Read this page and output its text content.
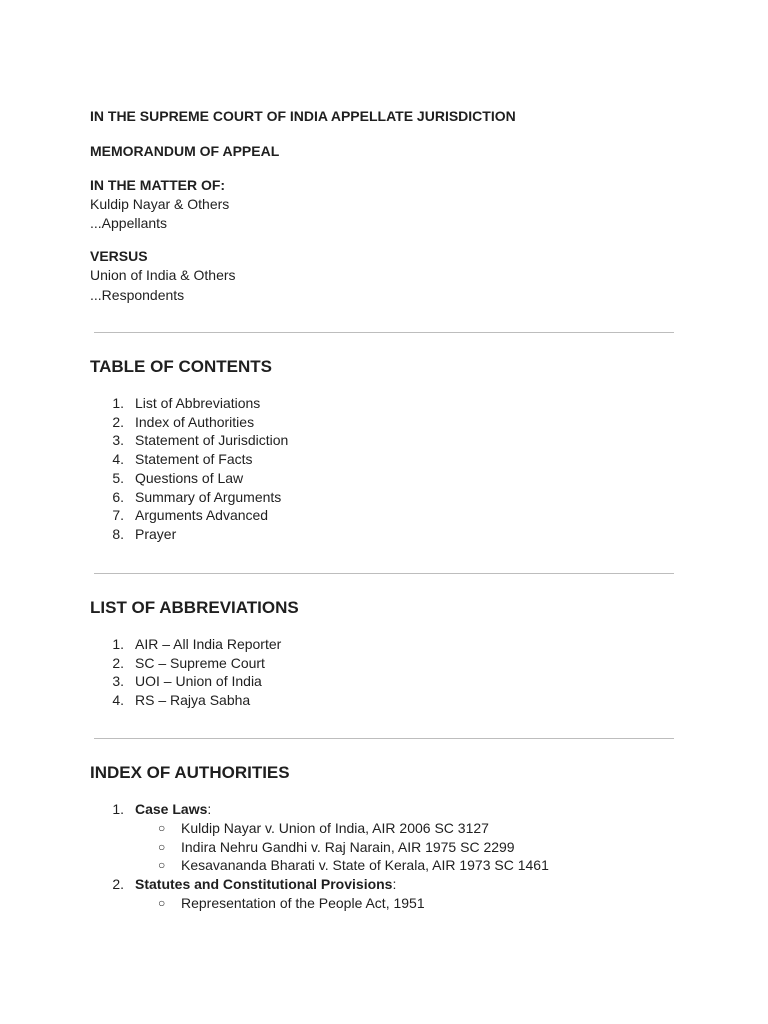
IN THE SUPREME COURT OF INDIA APPELLATE JURISDICTION
MEMORANDUM OF APPEAL
IN THE MATTER OF:
Kuldip Nayar & Others
...Appellants
VERSUS
Union of India & Others
...Respondents
TABLE OF CONTENTS
1. List of Abbreviations
2. Index of Authorities
3. Statement of Jurisdiction
4. Statement of Facts
5. Questions of Law
6. Summary of Arguments
7. Arguments Advanced
8. Prayer
LIST OF ABBREVIATIONS
1. AIR – All India Reporter
2. SC – Supreme Court
3. UOI – Union of India
4. RS – Rajya Sabha
INDEX OF AUTHORITIES
1. Case Laws:
○ Kuldip Nayar v. Union of India, AIR 2006 SC 3127
○ Indira Nehru Gandhi v. Raj Narain, AIR 1975 SC 2299
○ Kesavananda Bharati v. State of Kerala, AIR 1973 SC 1461
2. Statutes and Constitutional Provisions:
○ Representation of the People Act, 1951
